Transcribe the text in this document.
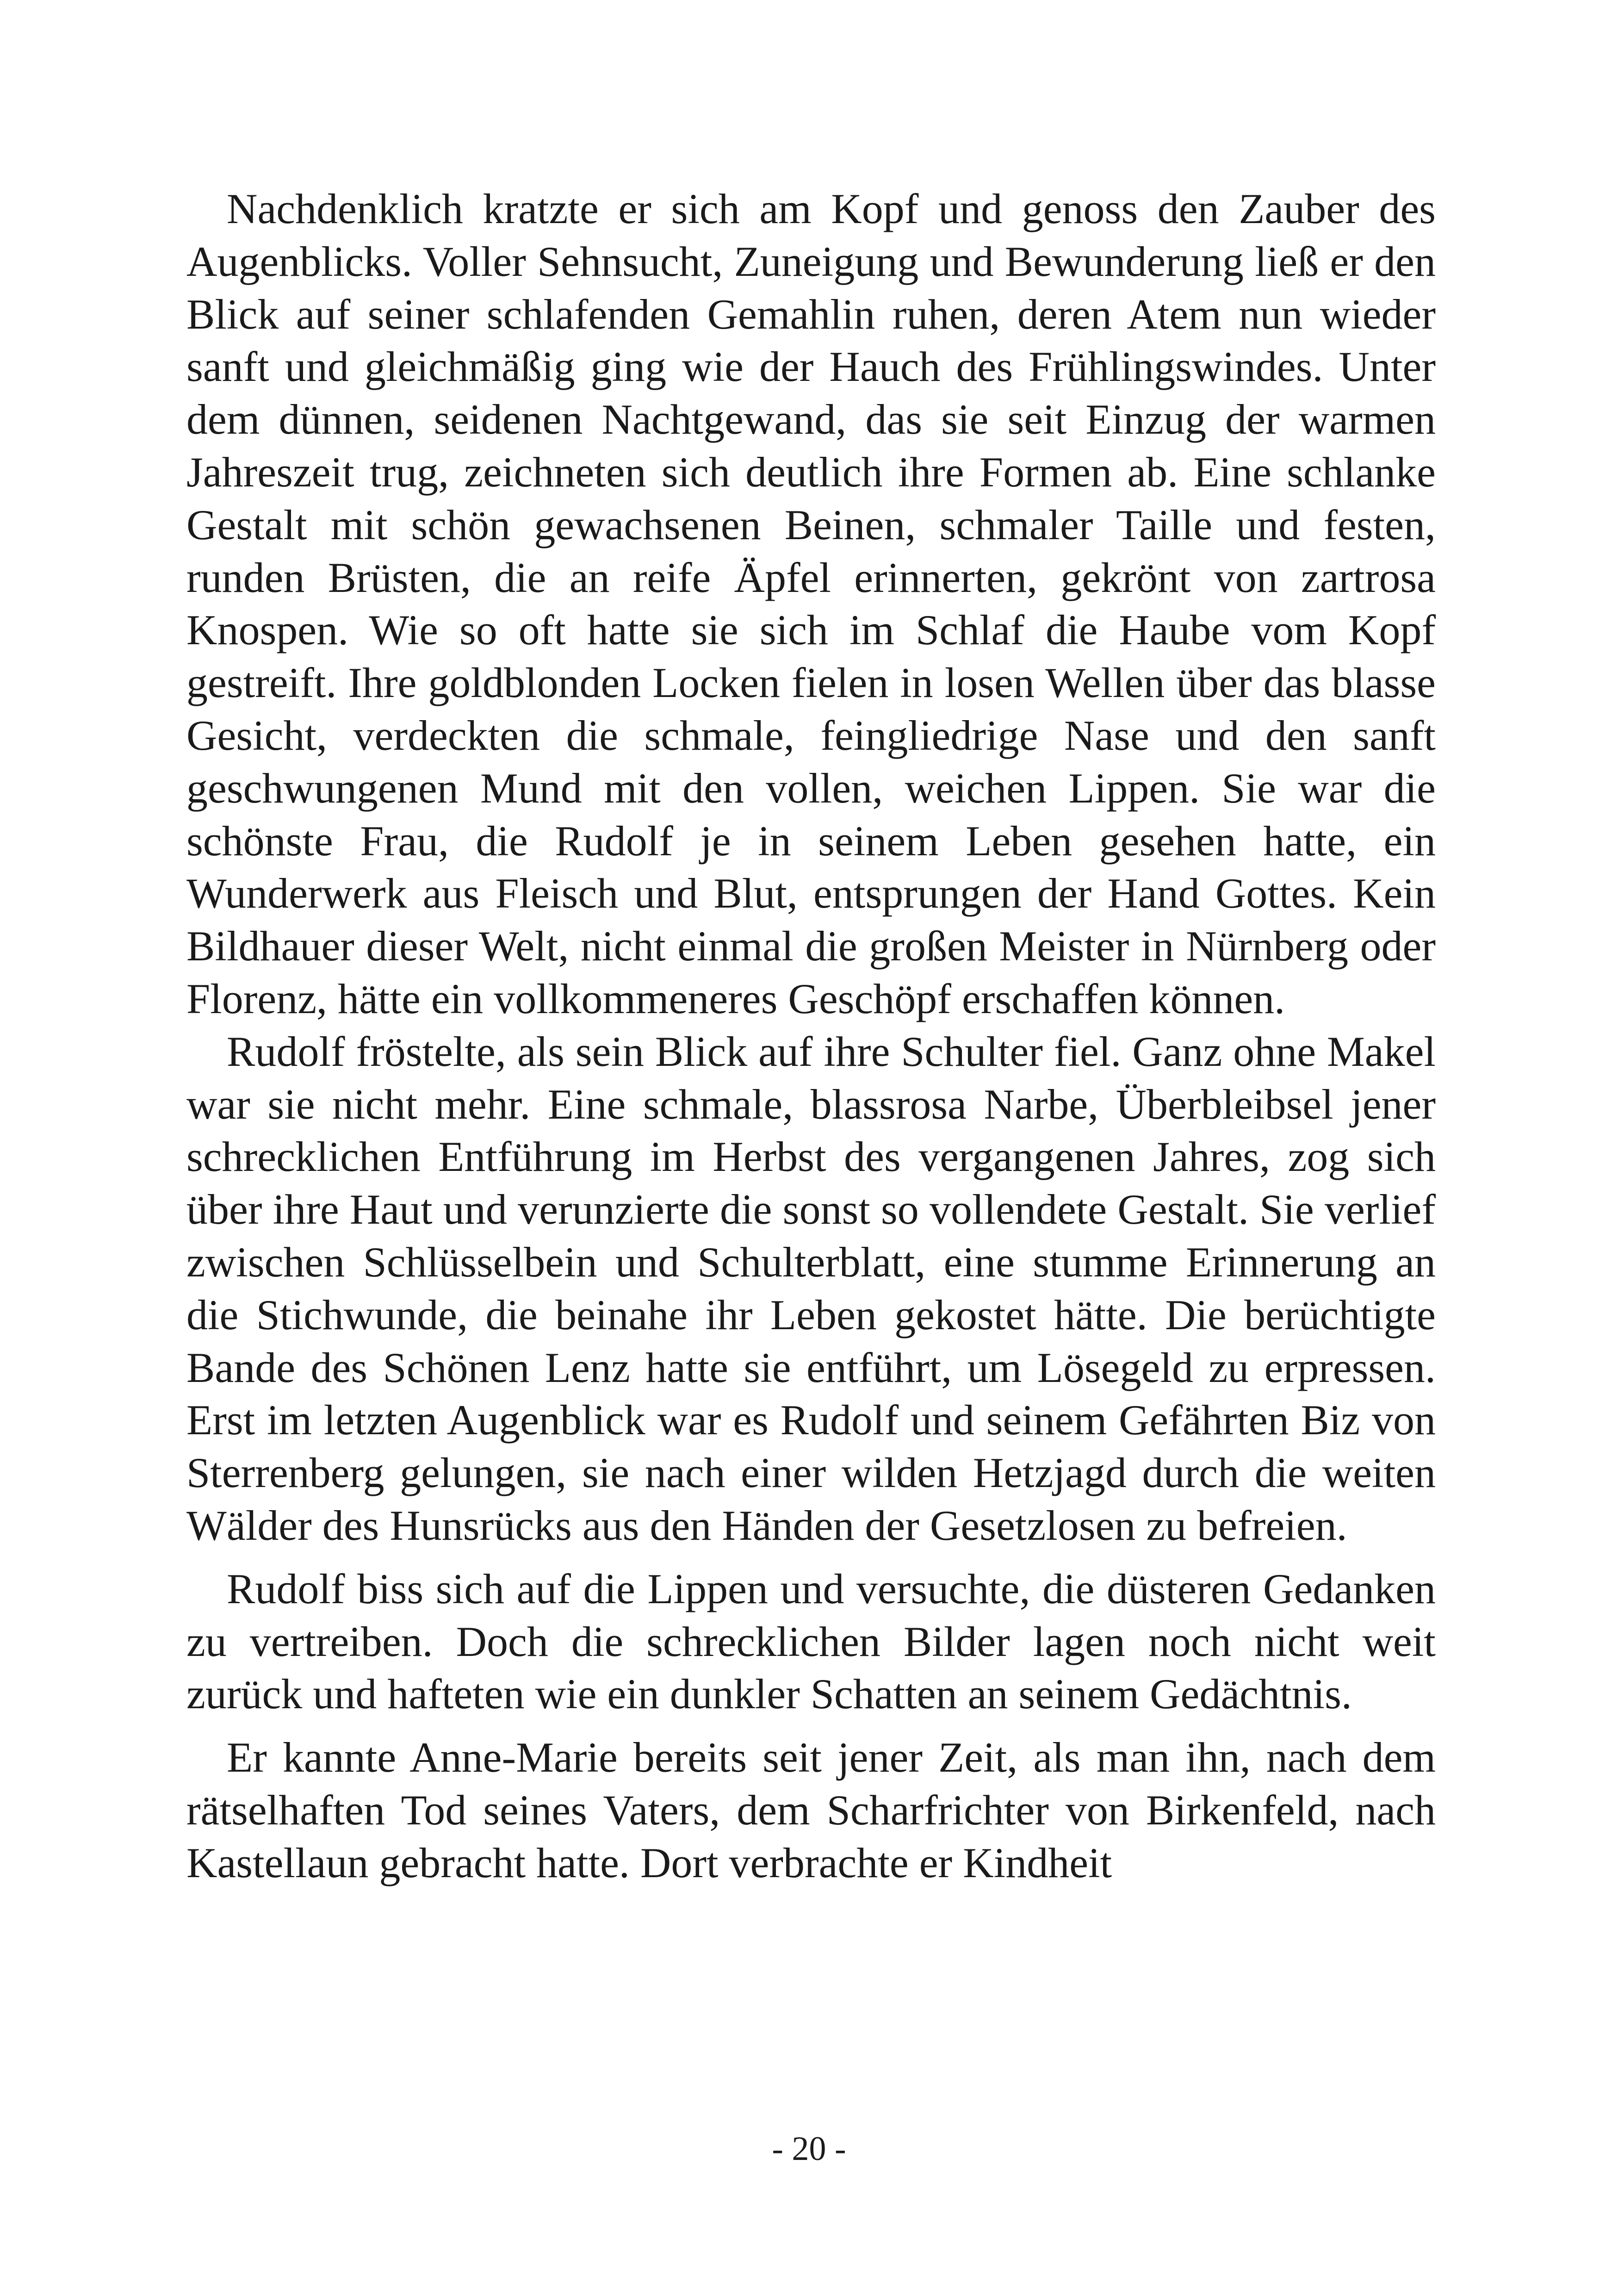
Nachdenklich kratzte er sich am Kopf und genoss den Zauber des Augenblicks. Voller Sehnsucht, Zuneigung und Bewunderung ließ er den Blick auf seiner schlafenden Gemahlin ruhen, deren Atem nun wieder sanft und gleichmäßig ging wie der Hauch des Frühlingswindes. Unter dem dünnen, seidenen Nachtgewand, das sie seit Einzug der warmen Jahreszeit trug, zeichneten sich deutlich ihre Formen ab. Eine schlanke Gestalt mit schön gewachsenen Beinen, schmaler Taille und festen, runden Brüsten, die an reife Äpfel erinnerten, gekrönt von zartrosa Knospen. Wie so oft hatte sie sich im Schlaf die Haube vom Kopf gestreift. Ihre goldblonden Locken fielen in losen Wellen über das blasse Gesicht, verdeckten die schmale, feingliedrige Nase und den sanft geschwungenen Mund mit den vollen, weichen Lippen. Sie war die schönste Frau, die Rudolf je in seinem Leben gesehen hatte, ein Wunderwerk aus Fleisch und Blut, entsprungen der Hand Gottes. Kein Bildhauer dieser Welt, nicht einmal die großen Meister in Nürnberg oder Florenz, hätte ein vollkommeneres Geschöpf erschaffen können.

Rudolf fröstelte, als sein Blick auf ihre Schulter fiel. Ganz ohne Makel war sie nicht mehr. Eine schmale, blassrosa Narbe, Überbleibsel jener schrecklichen Entführung im Herbst des vergangenen Jahres, zog sich über ihre Haut und verunzierte die sonst so vollendete Gestalt. Sie verlief zwischen Schlüsselbein und Schulterblatt, eine stumme Erinnerung an die Stichwunde, die beinahe ihr Leben gekostet hätte. Die berüchtigte Bande des Schönen Lenz hatte sie entführt, um Lösegeld zu erpressen. Erst im letzten Augenblick war es Rudolf und seinem Gefährten Biz von Sterrenberg gelungen, sie nach einer wilden Hetzjagd durch die weiten Wälder des Hunsrücks aus den Händen der Gesetzlosen zu befreien.

Rudolf biss sich auf die Lippen und versuchte, die düsteren Gedanken zu vertreiben. Doch die schrecklichen Bilder lagen noch nicht weit zurück und hafteten wie ein dunkler Schatten an seinem Gedächtnis.

Er kannte Anne-Marie bereits seit jener Zeit, als man ihn, nach dem rätselhaften Tod seines Vaters, dem Scharfrichter von Birkenfeld, nach Kastellaun gebracht hatte. Dort verbrachte er Kindheit

- 20 -
